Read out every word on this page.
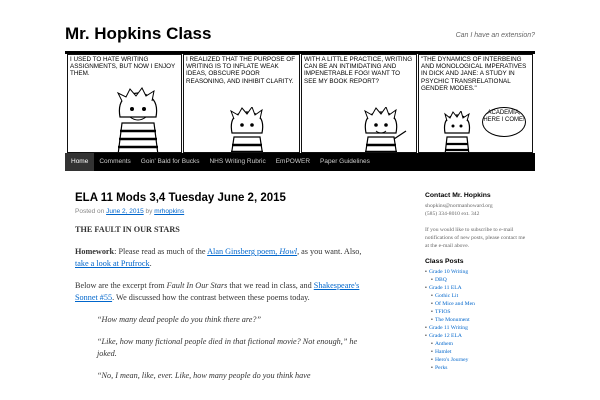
Mr. Hopkins Class	Can I have an extension?
I USED TO HATE WRITING ASSIGNMENTS, BUT NOW I ENJOY THEM.
I REALIZED THAT THE PURPOSE OF WRITING IS TO INFLATE WEAK IDEAS, OBSCURE POOR REASONING, AND INHIBIT CLARITY.
WITH A LITTLE PRACTICE, WRITING CAN BE AN INTIMIDATING AND IMPENETRABLE FOG! WANT TO SEE MY BOOK REPORT?
"THE DYNAMICS OF INTERBEING AND MONOLOGICAL IMPERATIVES IN DICK AND JANE: A STUDY IN PSYCHIC TRANSRELATIONAL GENDER MODES."
ACADEMIA, HERE I COME!
Home	Comments	Goin' Bald for Bucks	NHS Writing Rubric	EmPOWER	Paper Guidelines
ELA 11 Mods 3,4 Tuesday June 2, 2015
Posted on June 2, 2015 by mrhopkins

THE FAULT IN OUR STARS

Homework: Please read as much of the Alan Ginsberg poem, Howl, as you want. Also, take a look at Prufrock.

Below are the excerpt from Fault In Our Stars that we read in class, and Shakespeare's Sonnet #55. We discussed how the contrast between these poems today.

“How many dead people do you think there are?”

“Like, how many fictional people died in that fictional movie? Not enough,” he joked.

“No, I mean, like, ever. Like, how many people do you think have

Contact Mr. Hopkins
shopkins@normanhoward.org
(585) 334-8010 ext. 342
If you would like to subscribe to e-mail notifications of new posts, please contact me at the e-mail above.
Class Posts
▪ Grade 10 Writing
▪ DBQ
▪ Grade 11 ELA
▪ Gothic Lit
▪ Of Mice and Men
▪ TFIOS
▪ The Monument
▪ Grade 11 Writing
▪ Grade 12 ELA
▪ Anthem
▪ Hamlet
▪ Hero's Journey
▪ Perks
